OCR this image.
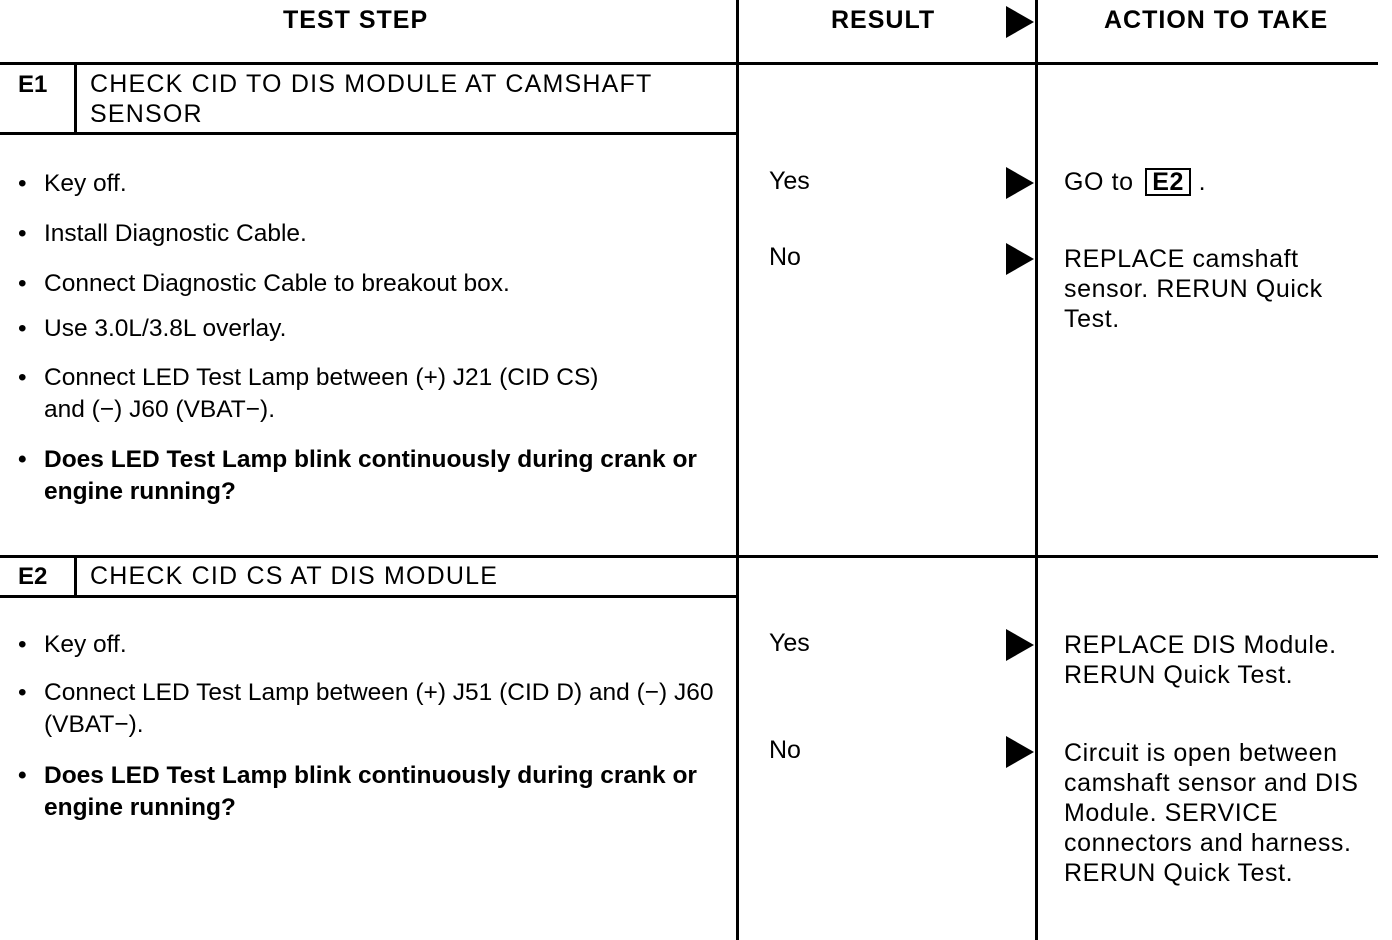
TEST STEP	RESULT	ACTION TO TAKE
E1 CHECK CID TO DIS MODULE AT CAMSHAFT SENSOR
• Key off.
• Install Diagnostic Cable.
• Connect Diagnostic Cable to breakout box.
• Use 3.0L/3.8L overlay.
• Connect LED Test Lamp between (+) J21 (CID CS) and (−) J60 (VBAT−).
• Does LED Test Lamp blink continuously during crank or engine running?
Yes	GO to E2 .
No	REPLACE camshaft sensor. RERUN Quick Test.
E2 CHECK CID CS AT DIS MODULE
• Key off.
• Connect LED Test Lamp between (+) J51 (CID D) and (−) J60 (VBAT−).
• Does LED Test Lamp blink continuously during crank or engine running?
Yes	REPLACE DIS Module. RERUN Quick Test.
No	Circuit is open between camshaft sensor and DIS Module. SERVICE connectors and harness. RERUN Quick Test.
